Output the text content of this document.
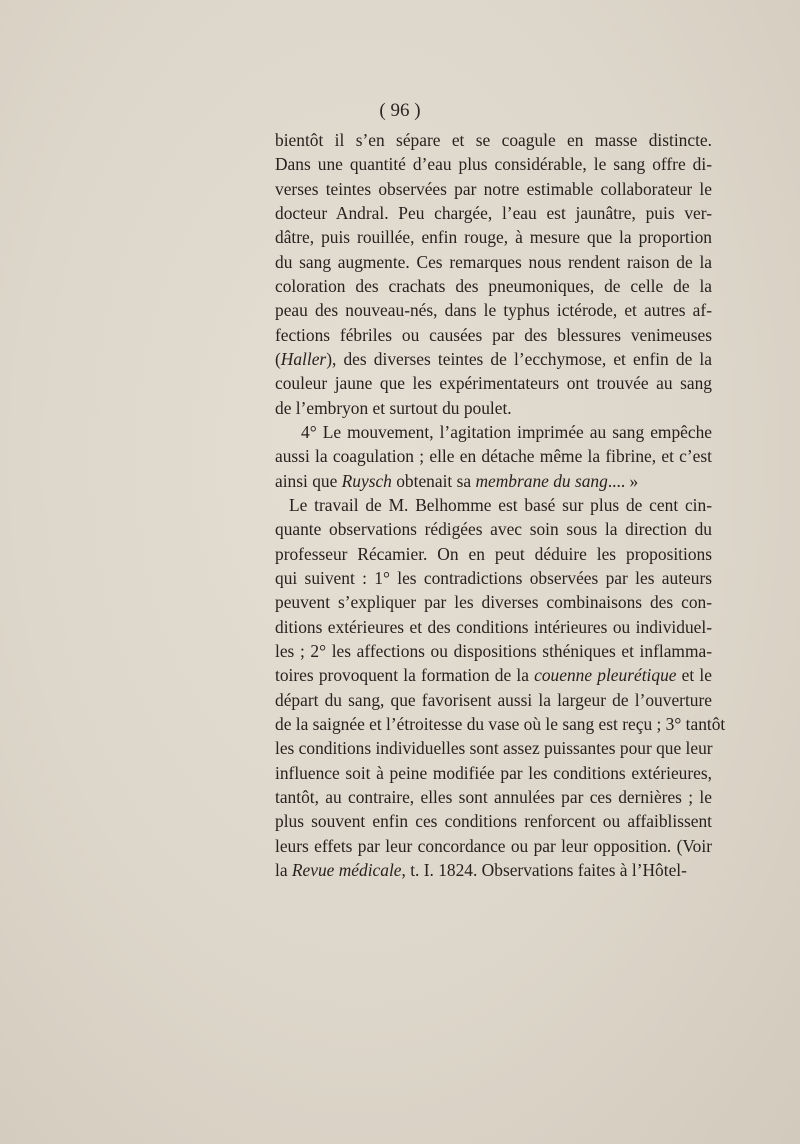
( 96 )
bientôt il s’en sépare et se coagule en masse distincte.
Dans une quantité d’eau plus considérable, le sang offre di-
verses teintes observées par notre estimable collaborateur le
docteur Andral. Peu chargée, l’eau est jaunâtre, puis ver-
dâtre, puis rouillée, enfin rouge, à mesure que la proportion
du sang augmente. Ces remarques nous rendent raison de la
coloration des crachats des pneumoniques, de celle de la
peau des nouveau-nés, dans le typhus ictérode, et autres af-
fections fébriles ou causées par des blessures venimeuses
(Haller), des diverses teintes de l’ecchymose, et enfin de la
couleur jaune que les expérimentateurs ont trouvée au sang
de l’embryon et surtout du poulet.
4° Le mouvement, l’agitation imprimée au sang empêche
aussi la coagulation ; elle en détache même la fibrine, et c’est
ainsi que Ruysch obtenait sa membrane du sang.... »
Le travail de M. Belhomme est basé sur plus de cent cin-
quante observations rédigées avec soin sous la direction du
professeur Récamier. On en peut déduire les propositions
qui suivent : 1° les contradictions observées par les auteurs
peuvent s’expliquer par les diverses combinaisons des con-
ditions extérieures et des conditions intérieures ou individuel-
les ; 2° les affections ou dispositions sthéniques et inflamma-
toires provoquent la formation de la couenne pleurétique et le
départ du sang, que favorisent aussi la largeur de l’ouverture
de la saignée et l’étroitesse du vase où le sang est reçu ; 3° tantôt
les conditions individuelles sont assez puissantes pour que leur
influence soit à peine modifiée par les conditions extérieures,
tantôt, au contraire, elles sont annulées par ces dernières ; le
plus souvent enfin ces conditions renforcent ou affaiblissent
leurs effets par leur concordance ou par leur opposition. (Voir
la Revue médicale, t. I. 1824. Observations faites à l’Hôtel-
